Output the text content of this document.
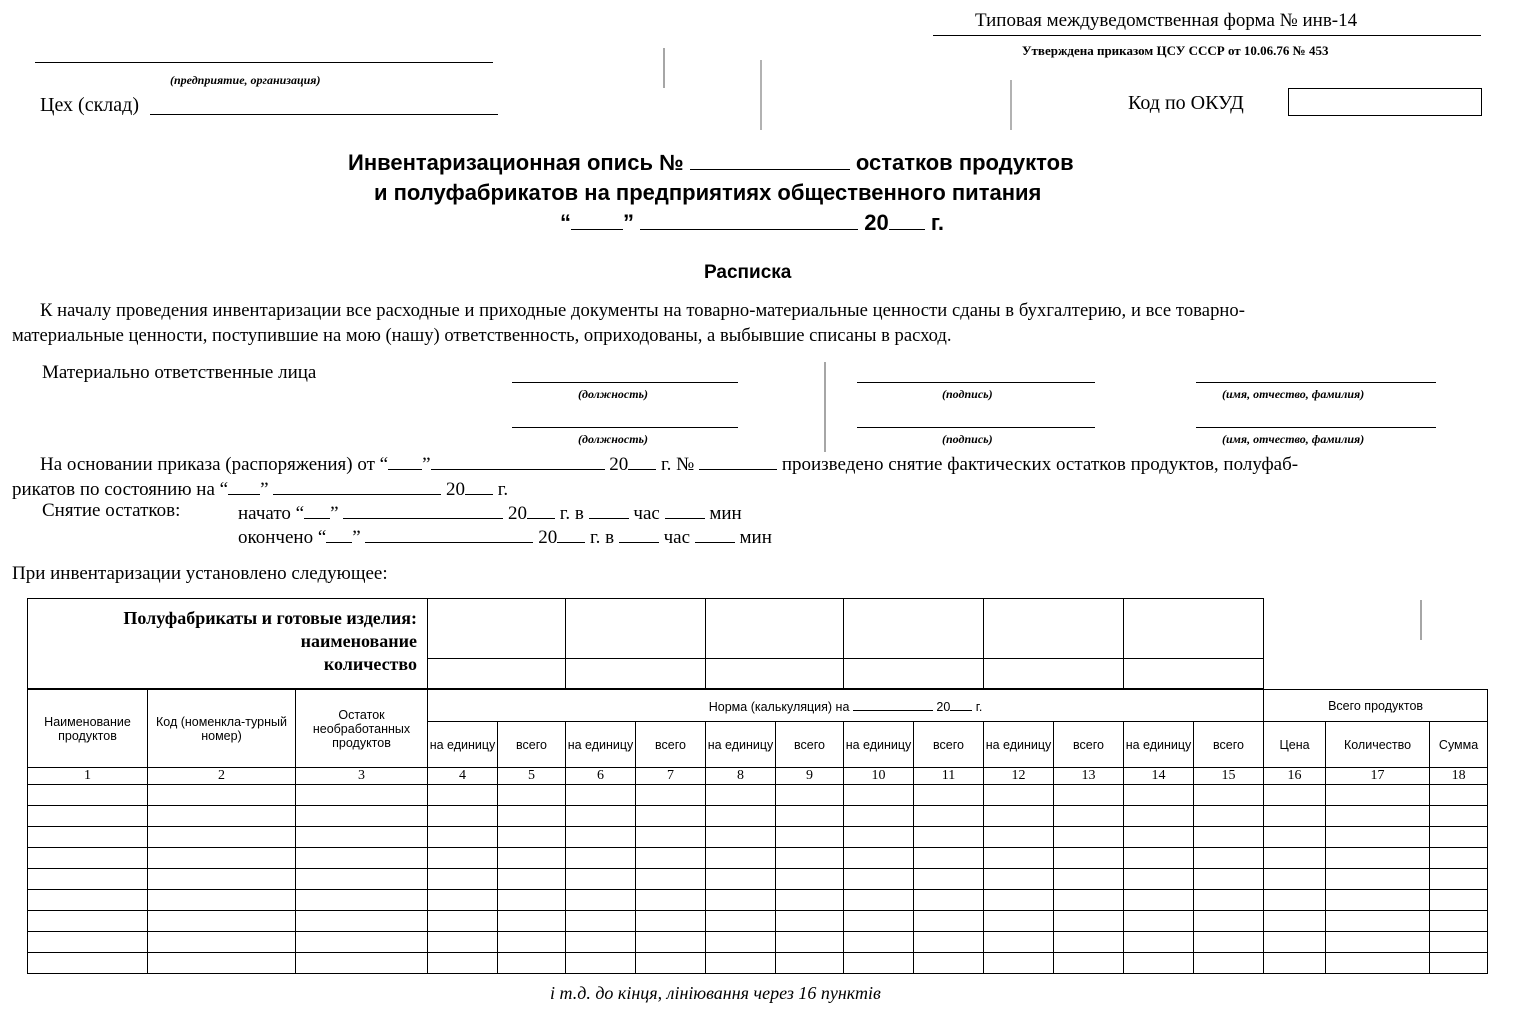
Типовая междуведомственная форма № инв-14
Утверждена приказом ЦСУ СССР от 10.06.76 № 453
(предприятие, организация)
Цех (склад)	Код по ОКУД
Инвентаризационная опись №	остатков продуктов
и полуфабрикатов на предприятиях общественного питания
“ ”	20 г.
Расписка
К началу проведения инвентаризации все расходные и приходные документы на товарно-материальные ценности сданы в бухгалтерию, и все товарно-
материальные ценности, поступившие на мою (нашу) ответственность, оприходованы, а выбывшие списаны в расход.
Материально ответственные лица
(должность)	(подпись)	(имя, отчество, фамилия)
(должность)	(подпись)	(имя, отчество, фамилия)
На основании приказа (распоряжения) от “ ”	20 г. №	произведено снятие фактических остатков продуктов, полуфаб-
рикатов по состоянию на “ ”	20 г.
Снятие остатков:	начато “ ”	20 г. в	час	мин
окончено “ ”	20 г. в	час	мин
При инвентаризации установлено следующее:
Полуфабрикаты и готовые изделия:
наименование
количество						

Наименование продуктов	Код (номенкла-турный номер)	Остаток необработанных продуктов	Норма (калькуляция) на 20 г.												Всего продуктов		
			на единицу	всего	на единицу	всего	на единицу	всего	на единицу	всего	на единицу	всего	на единицу	всего	Цена	Количество	Сумма
1	2	3	4	5	6	7	8	9	10	11	12	13	14	15	16	17	18

і т.д. до кінця, лініювання через 16 пунктів
